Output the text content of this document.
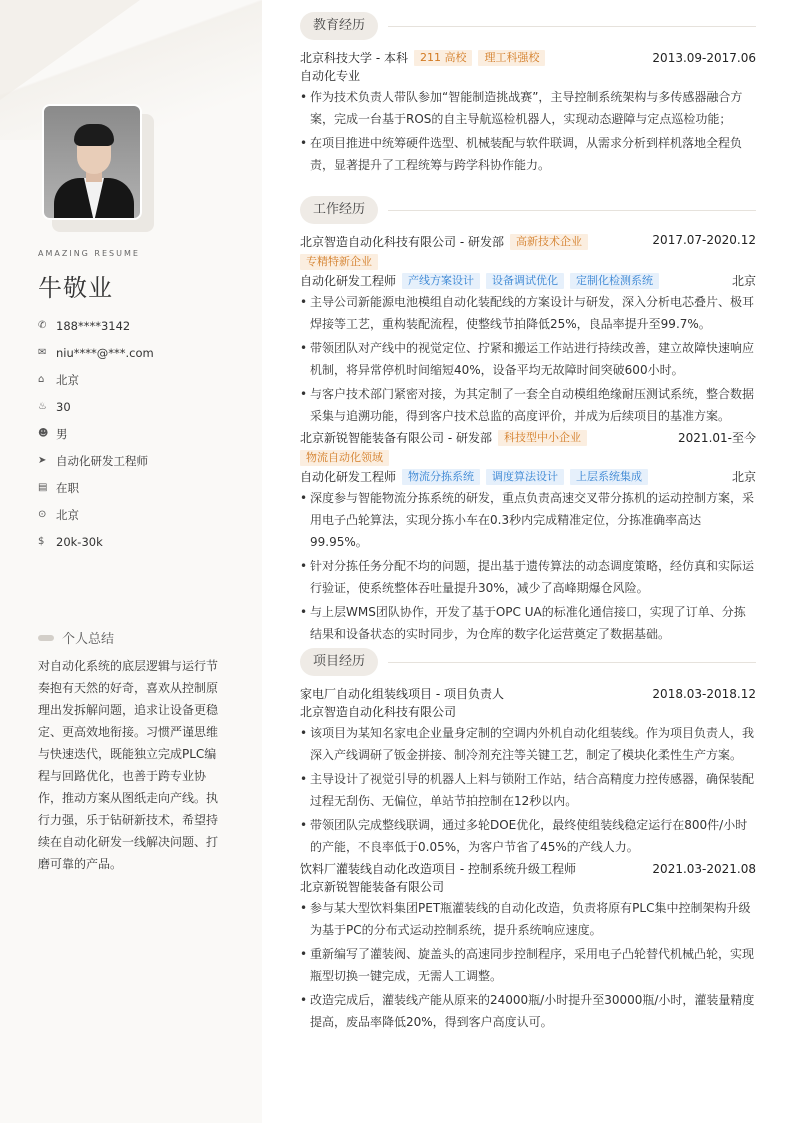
AMAZING RESUME
牛敬业
✆ 188****3142
✉ niu****@***.com
⌂	北京
♨ 30
☻ 男
➤ 自动化研发工程师
▤ 在职
⊙ 北京
$	20k-30k
个人总结
对自动化系统的底层逻辑与运行节奏抱有天然的好奇，喜欢从控制原理出发拆解问题，追求让设备更稳定、更高效地衔接。习惯严谨思维与快速迭代，既能独立完成PLC编程与回路优化，也善于跨专业协作，推动方案从图纸走向产线。执行力强，乐于钻研新技术，希望持续在自动化研发一线解决问题、打磨可靠的产品。
教育经历
北京科技大学 - 本科	211 高校	理工科强校	2013.09-2017.06
自动化专业
• 作为技术负责人带队参加“智能制造挑战赛”，主导控制系统架构与多传感器融合方案，完成一台基于ROS的自主导航巡检机器人，实现动态避障与定点巡检功能；
• 在项目推进中统筹硬件选型、机械装配与软件联调，从需求分析到样机落地全程负责，显著提升了工程统筹与跨学科协作能力。
工作经历
北京智造自动化科技有限公司 - 研发部	高新技术企业
专精特新企业
2017.07-2020.12
自动化研发工程师	产线方案设计	设备调试优化	定制化检测系统	北京
• 主导公司新能源电池模组自动化装配线的方案设计与研发，深入分析电芯叠片、极耳焊接等工艺，重构装配流程，使整线节拍降低25%，良品率提升至99.7%。
• 带领团队对产线中的视觉定位、拧紧和搬运工作站进行持续改善，建立故障快速响应机制，将异常停机时间缩短40%，设备平均无故障时间突破600小时。
• 与客户技术部门紧密对接，为其定制了一套全自动模组绝缘耐压测试系统，整合数据采集与追溯功能，得到客户技术总监的高度评价，并成为后续项目的基准方案。
北京新锐智能装备有限公司 - 研发部	科技型中小企业
物流自动化领域
2021.01-至今
自动化研发工程师	物流分拣系统	调度算法设计	上层系统集成	北京
• 深度参与智能物流分拣系统的研发，重点负责高速交叉带分拣机的运动控制方案，采用电子凸轮算法，实现分拣小车在0.3秒内完成精准定位，分拣准确率高达99.95%。
• 针对分拣任务分配不均的问题，提出基于遗传算法的动态调度策略，经仿真和实际运行验证，使系统整体吞吐量提升30%，减少了高峰期爆仓风险。
• 与上层WMS团队协作，开发了基于OPC UA的标准化通信接口，实现了订单、分拣结果和设备状态的实时同步，为仓库的数字化运营奠定了数据基础。
项目经历
家电厂自动化组装线项目 - 项目负责人	2018.03-2018.12
北京智造自动化科技有限公司
• 该项目为某知名家电企业量身定制的空调内外机自动化组装线。作为项目负责人，我深入产线调研了钣金拼接、制冷剂充注等关键工艺，制定了模块化柔性生产方案。
• 主导设计了视觉引导的机器人上料与锁附工作站，结合高精度力控传感器，确保装配过程无刮伤、无偏位，单站节拍控制在12秒以内。
• 带领团队完成整线联调，通过多轮DOE优化，最终使组装线稳定运行在800件/小时的产能，不良率低于0.05%，为客户节省了45%的产线人力。
饮料厂灌装线自动化改造项目 - 控制系统升级工程师	2021.03-2021.08
北京新锐智能装备有限公司
• 参与某大型饮料集团PET瓶灌装线的自动化改造，负责将原有PLC集中控制架构升级为基于PC的分布式运动控制系统，提升系统响应速度。
• 重新编写了灌装阀、旋盖头的高速同步控制程序，采用电子凸轮替代机械凸轮，实现瓶型切换一键完成，无需人工调整。
• 改造完成后，灌装线产能从原来的24000瓶/小时提升至30000瓶/小时，灌装量精度提高，废品率降低20%，得到客户高度认可。
